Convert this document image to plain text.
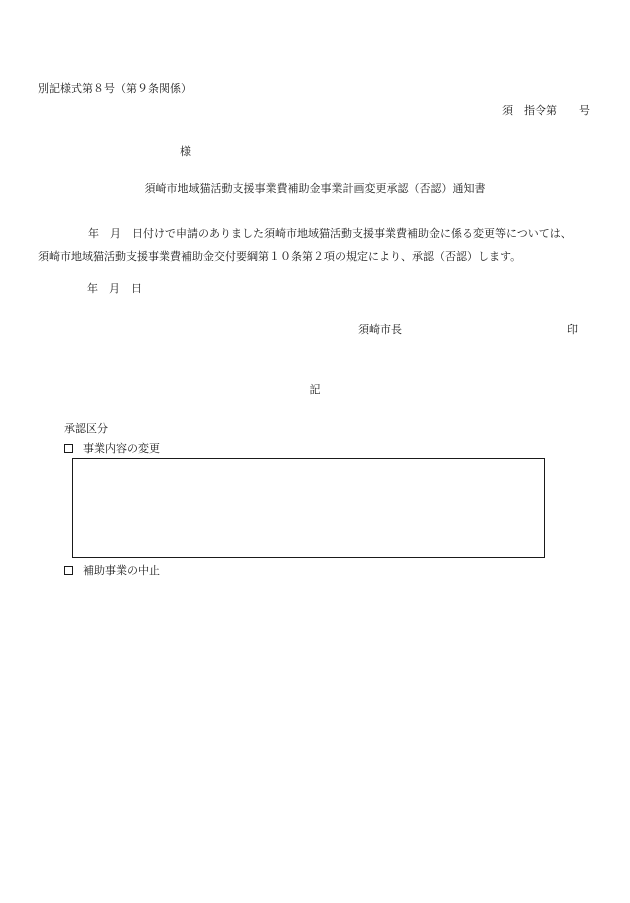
別記様式第８号（第９条関係）
須　指令第　　号
様
須崎市地域猫活動支援事業費補助金事業計画変更承認（否認）通知書
年　月　日付けで申請のありました須崎市地域猫活動支援事業費補助金に係る変更等については、
須崎市地域猫活動支援事業費補助金交付要綱第１０条第２項の規定により、承認（否認）します。
年　月　日
須崎市長	印
記
承認区分
事業内容の変更
補助事業の中止
